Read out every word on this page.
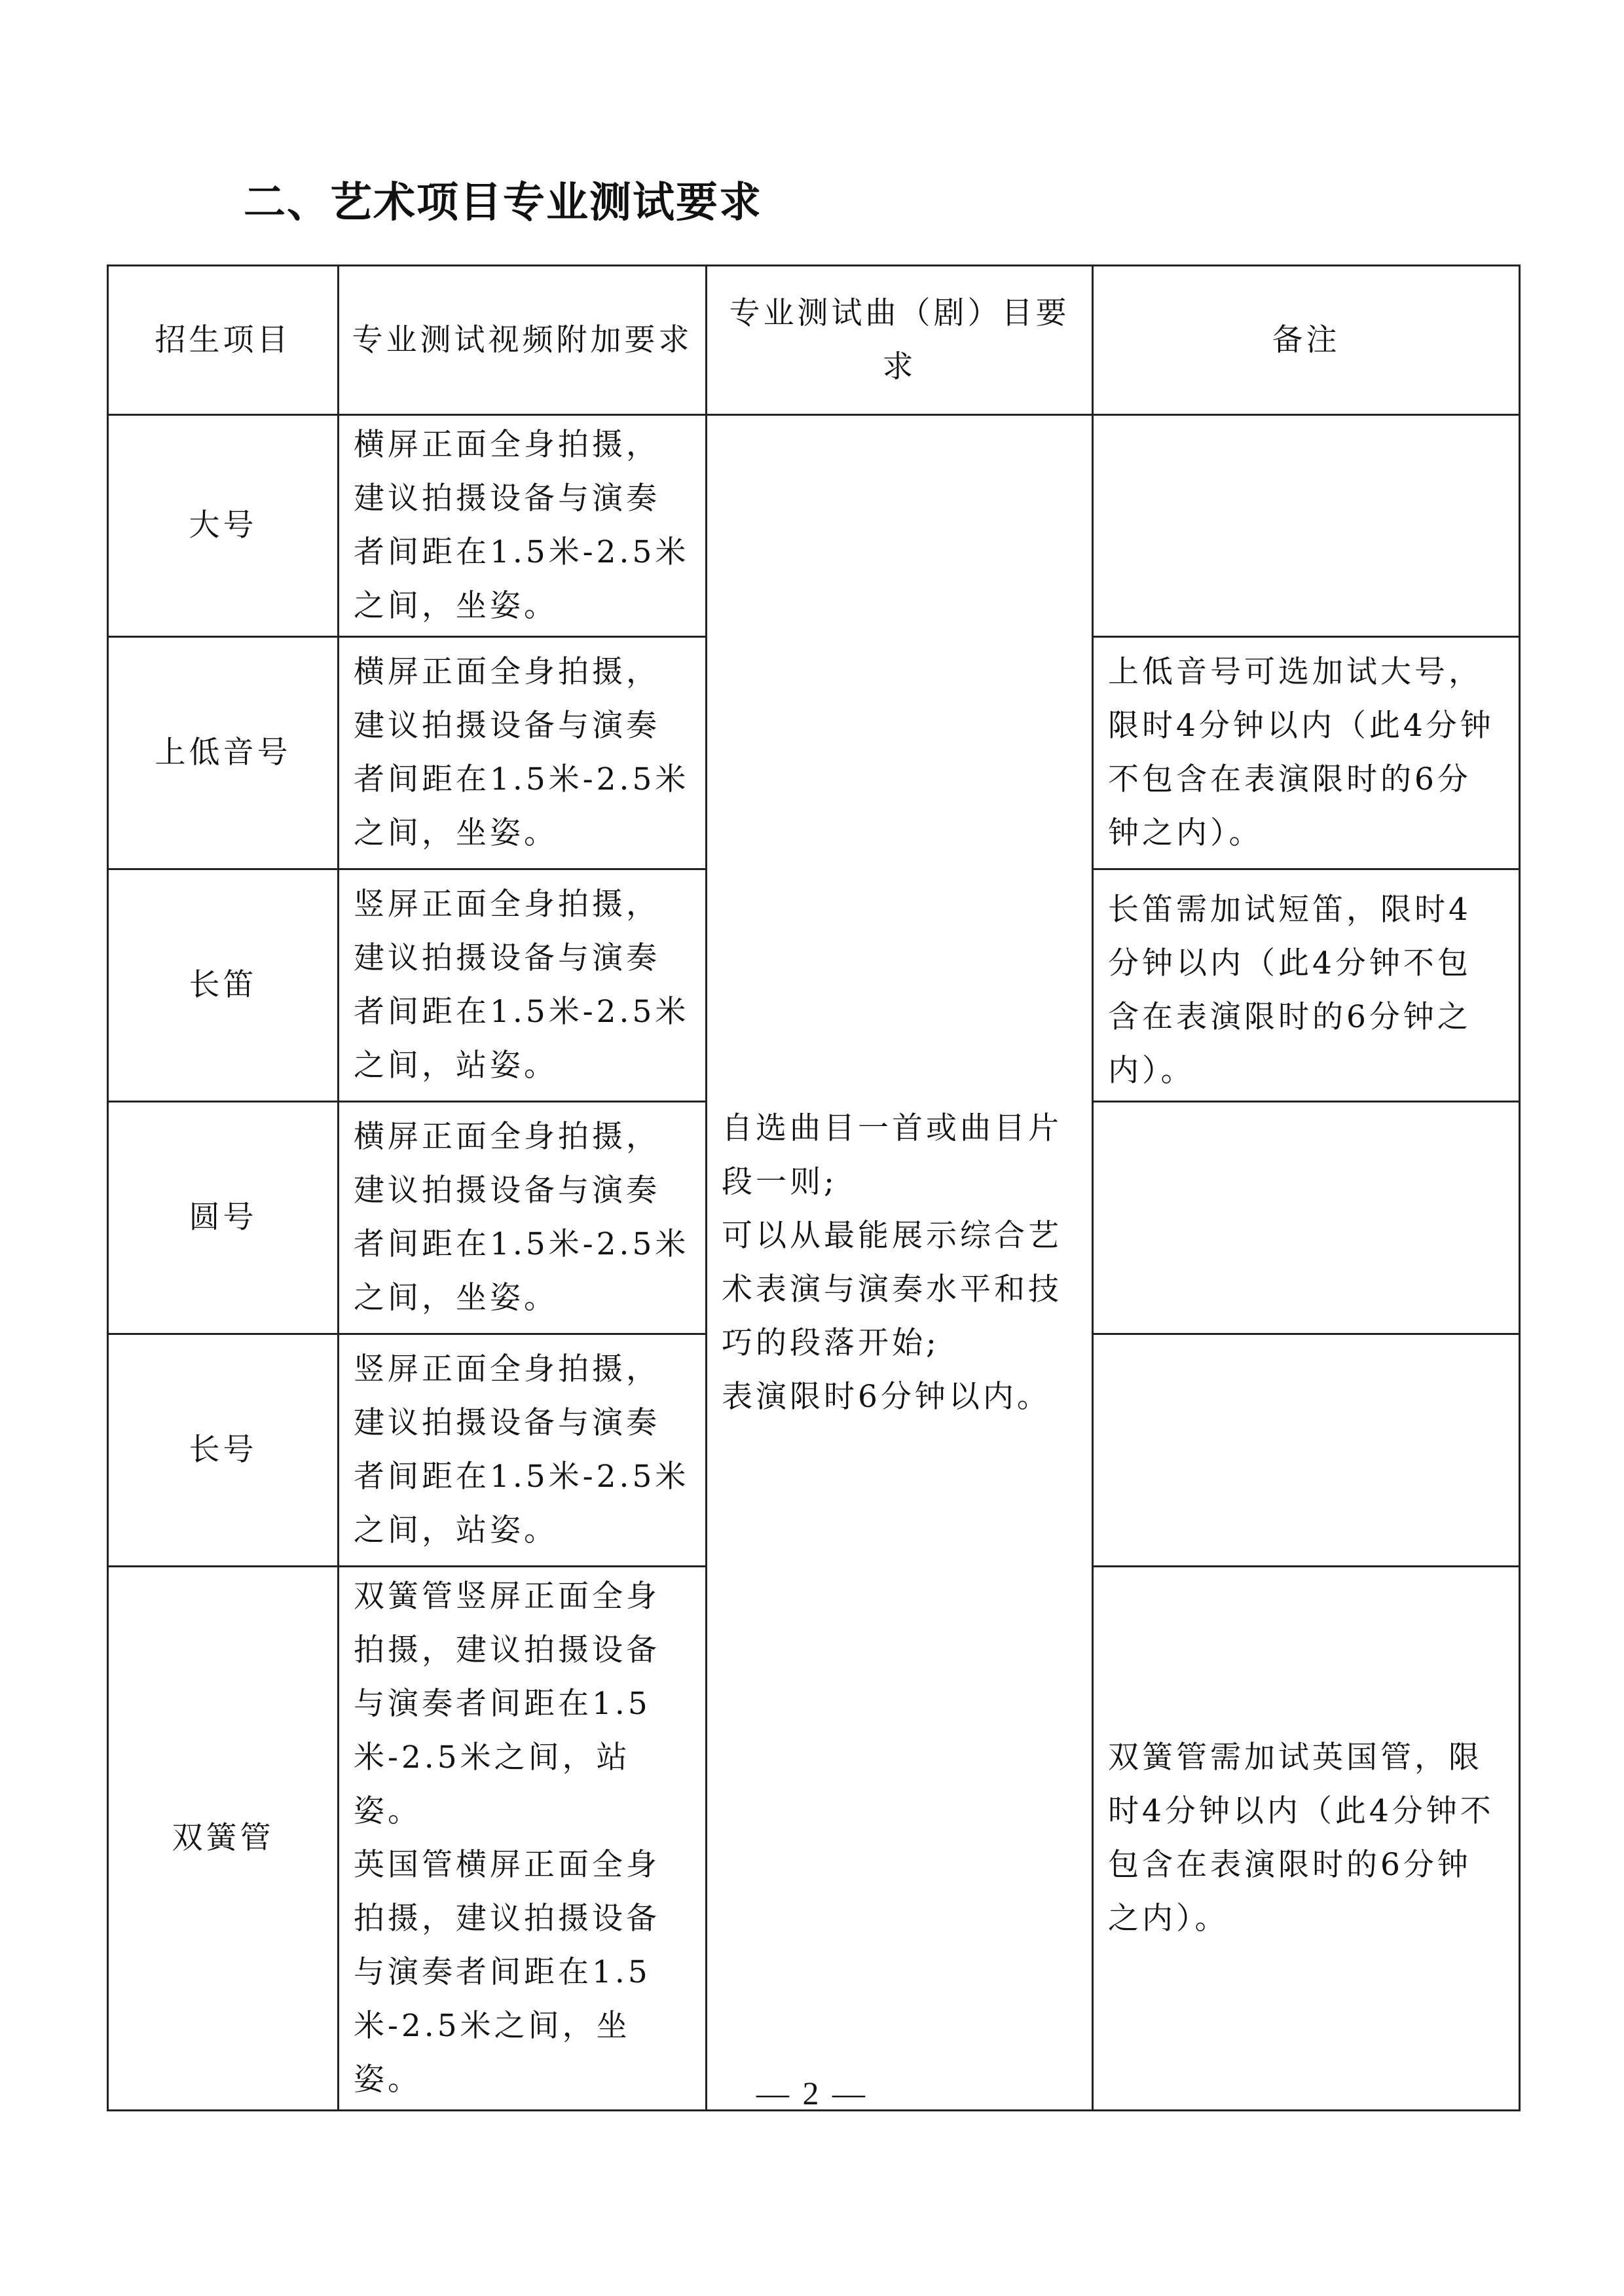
二、艺术项目专业测试要求
招生项目	专业测试视频附加要求	专业测试曲（剧）目要求	备注
大号	横屏正面全身拍摄，建议拍摄设备与演奏者间距在1.5米-2.5米之间，坐姿。	自选曲目一首或曲目片段一则;
可以从最能展示综合艺术表演与演奏水平和技巧的段落开始;
表演限时6分钟以内。	
上低音号	横屏正面全身拍摄，建议拍摄设备与演奏者间距在1.5米-2.5米之间，坐姿。		上低音号可选加试大号，限时4分钟以内（此4分钟不包含在表演限时的6分钟之内）。
长笛	竖屏正面全身拍摄，建议拍摄设备与演奏者间距在1.5米-2.5米之间，站姿。		长笛需加试短笛，限时4分钟以内（此4分钟不包含在表演限时的6分钟之内）。
圆号	横屏正面全身拍摄，建议拍摄设备与演奏者间距在1.5米-2.5米之间，坐姿。		
长号	竖屏正面全身拍摄，建议拍摄设备与演奏者间距在1.5米-2.5米之间，站姿。		
双簧管	双簧管竖屏正面全身拍摄，建议拍摄设备与演奏者间距在1.5米-2.5米之间，站姿。
英国管横屏正面全身拍摄，建议拍摄设备与演奏者间距在1.5米-2.5米之间，坐姿。		双簧管需加试英国管，限时4分钟以内（此4分钟不包含在表演限时的6分钟之内）。
— 2 —
